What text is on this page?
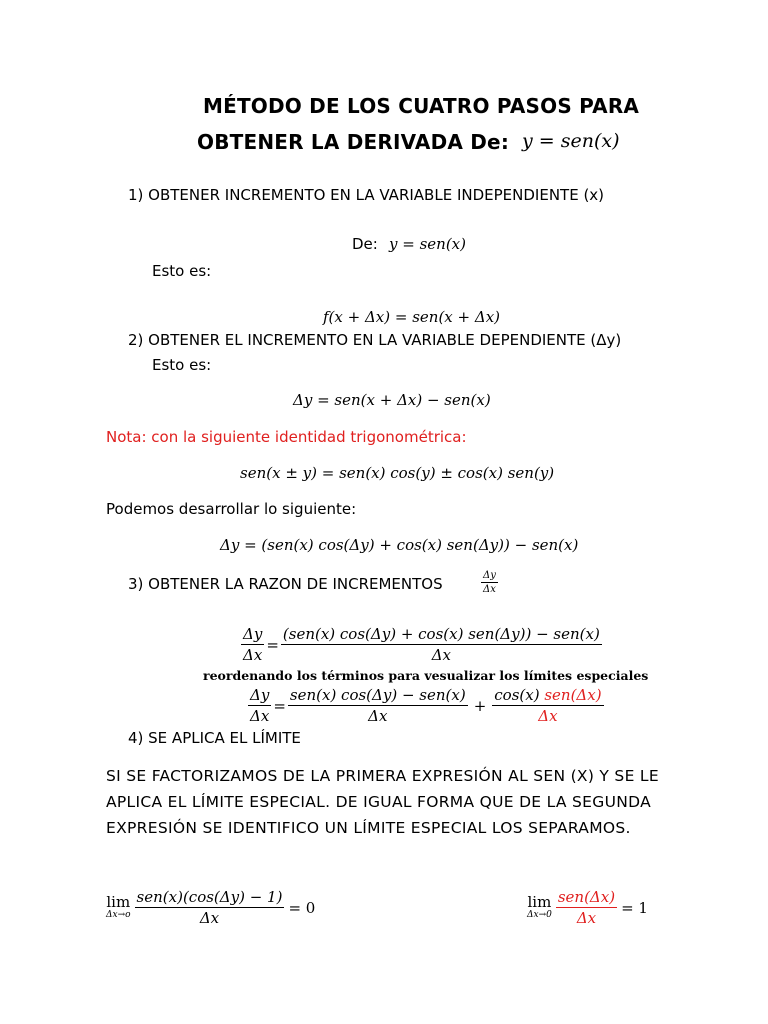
MÉTODO DE LOS CUATRO PASOS PARA
OBTENER LA DERIVADA De: y = sen(x)
1) OBTENER INCREMENTO EN LA VARIABLE INDEPENDIENTE (x)
De: y = sen(x)
Esto es:
f(x + Δx) = sen(x + Δx)
2) OBTENER EL INCREMENTO EN LA VARIABLE DEPENDIENTE (Δy)
Esto es:
Δy = sen(x + Δx) − sen(x)
Nota: con la siguiente identidad trigonométrica:
sen(x ± y) = sen(x) cos(y) ± cos(x) sen(y)
Podemos desarrollar lo siguiente:
Δy = (sen(x) cos(Δy) + cos(x) sen(Δy)) − sen(x)
3) OBTENER LA RAZON DE INCREMENTOS	$\frac{\Delta y}{\Delta x}$
$\frac{\Delta y}{\Delta x} = \frac{\text{(sen(x) cos(Δy) + cos(x) sen(Δy)) − sen(x)}}{\Delta x}$
reordenando los términos para vesualizar los límites especiales
$\frac{\Delta y}{\Delta x} = \frac{\text{sen(x) cos(Δy) − sen(x)}}{\Delta x} + \frac{\text{cos(x) sen(Δx)}}{\Delta x}$
4) SE APLICA EL LÍMITE
SI SE FACTORIZAMOS DE LA PRIMERA EXPRESIÓN AL SEN (X) Y SE LE
APLICA EL LÍMITE ESPECIAL. DE IGUAL FORMA QUE DE LA SEGUNDA
EXPRESIÓN SE IDENTIFICO UN LÍMITE ESPECIAL LOS SEPARAMOS.
lim
$\Delta x\to o \frac{\text{sen(x)(cos(Δy) − 1)}}{\Delta x} = 0$	lim
$\Delta x\to 0 \frac{\text{sen(Δx)}}{\Delta x} = 1$
